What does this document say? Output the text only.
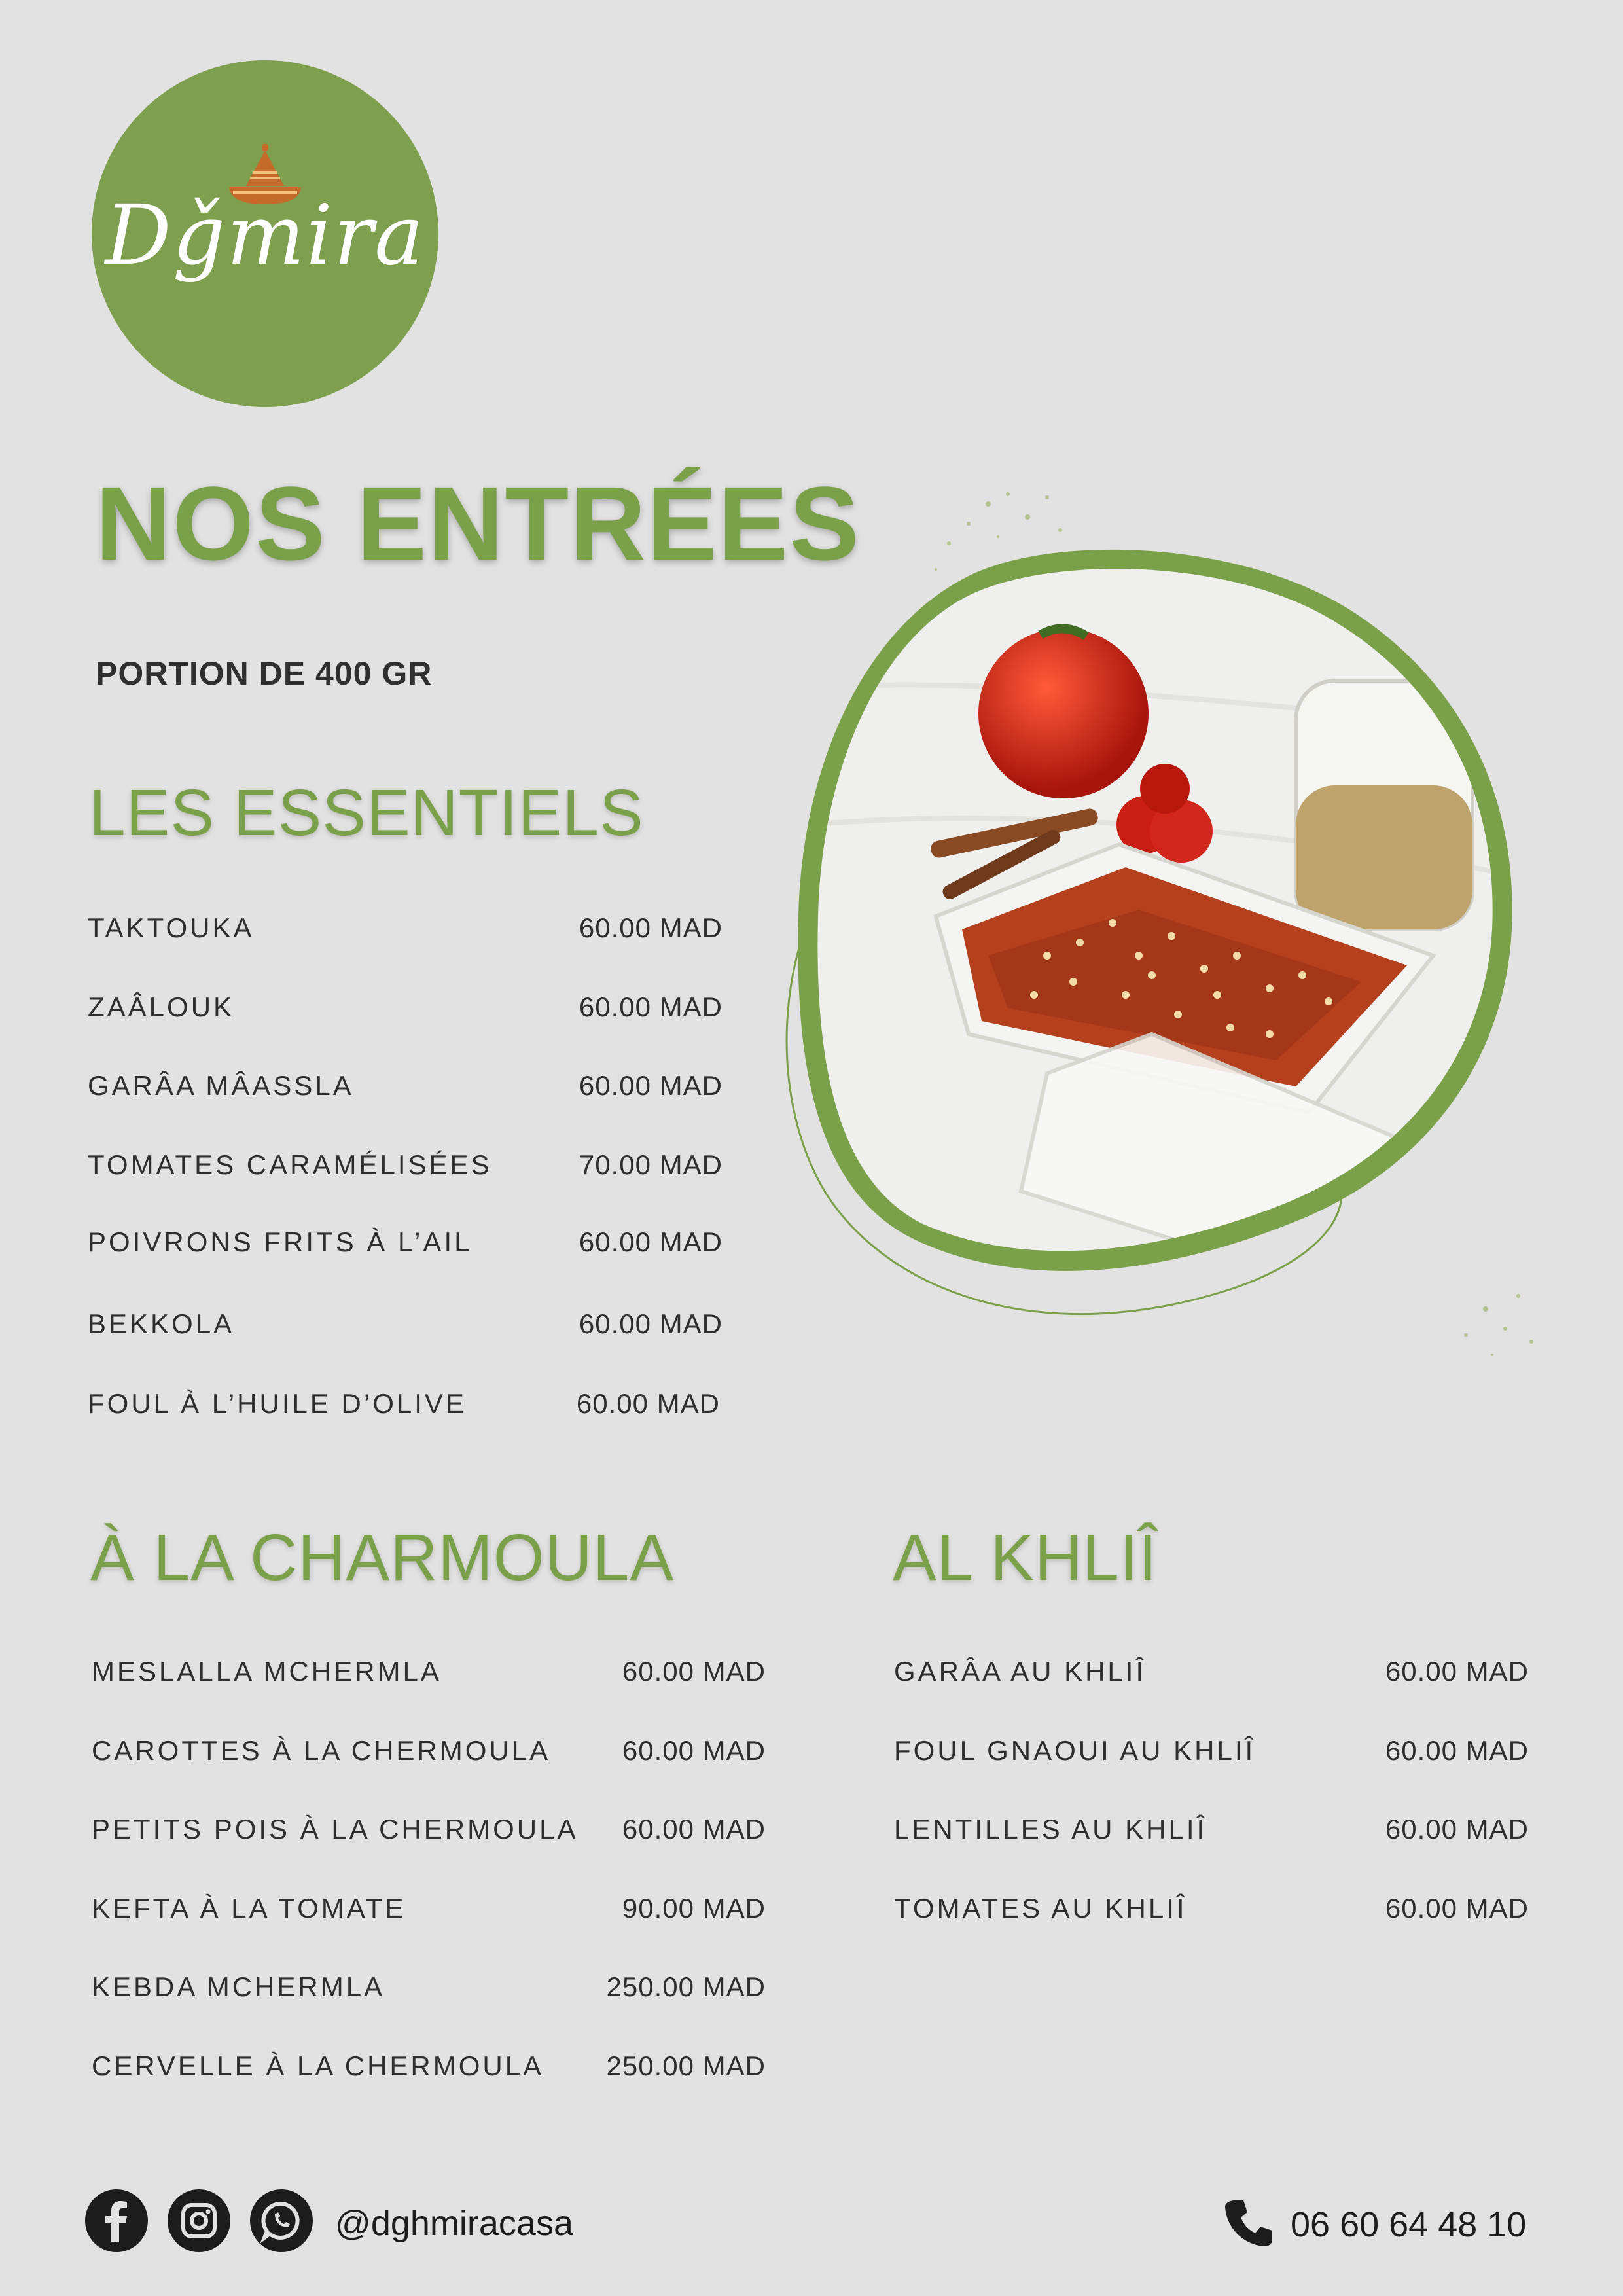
Dǧmira
NOS ENTRÉES
PORTION DE 400 GR
LES ESSENTIELS
TAKTOUKA	60.00 MAD
ZAÂLOUK	60.00 MAD
GARÂA MÂASSLA	60.00 MAD
TOMATES CARAMÉLISÉES	70.00 MAD
POIVRONS FRITS À L’AIL	60.00 MAD
BEKKOLA	60.00 MAD
FOUL À L’HUILE D’OLIVE	60.00 MAD
À LA CHARMOULA
MESLALLA MCHERMLA	60.00 MAD
CAROTTES À LA CHERMOULA	60.00 MAD
PETITS POIS À LA CHERMOULA 60.00 MAD
KEFTA À LA TOMATE	90.00 MAD
KEBDA MCHERMLA	250.00 MAD
CERVELLE À LA CHERMOULA 250.00 MAD
AL KHLIÎ
GARÂA AU KHLIÎ	60.00 MAD
FOUL GNAOUI AU KHLIÎ	60.00 MAD
LENTILLES AU KHLIÎ	60.00 MAD
TOMATES AU KHLIÎ	60.00 MAD
@dghmiracasa	06 60 64 48 10
